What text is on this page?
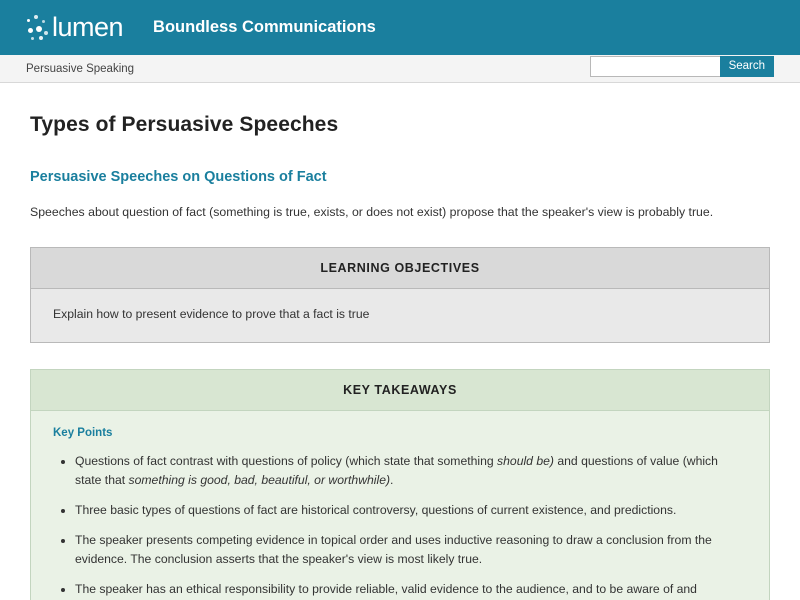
lumen Boundless Communications
Persuasive Speaking	Search
Types of Persuasive Speeches
Persuasive Speeches on Questions of Fact

Speeches about question of fact (something is true, exists, or does not exist) propose that the speaker's view is probably true.

LEARNING OBJECTIVES
Explain how to present evidence to prove that a fact is true
KEY TAKEAWAYS
Key Points
• Questions of fact contrast with questions of policy (which state that something should be) and questions of value (which state that something is good, bad, beautiful, or worthwhile).
• Three basic types of questions of fact are historical controversy, questions of current existence, and predictions.
• The speaker presents competing evidence in topical order and uses inductive reasoning to draw a conclusion from the evidence. The conclusion asserts that the speaker's view is most likely true.
• The speaker has an ethical responsibility to provide reliable, valid evidence to the audience, and to be aware of and
